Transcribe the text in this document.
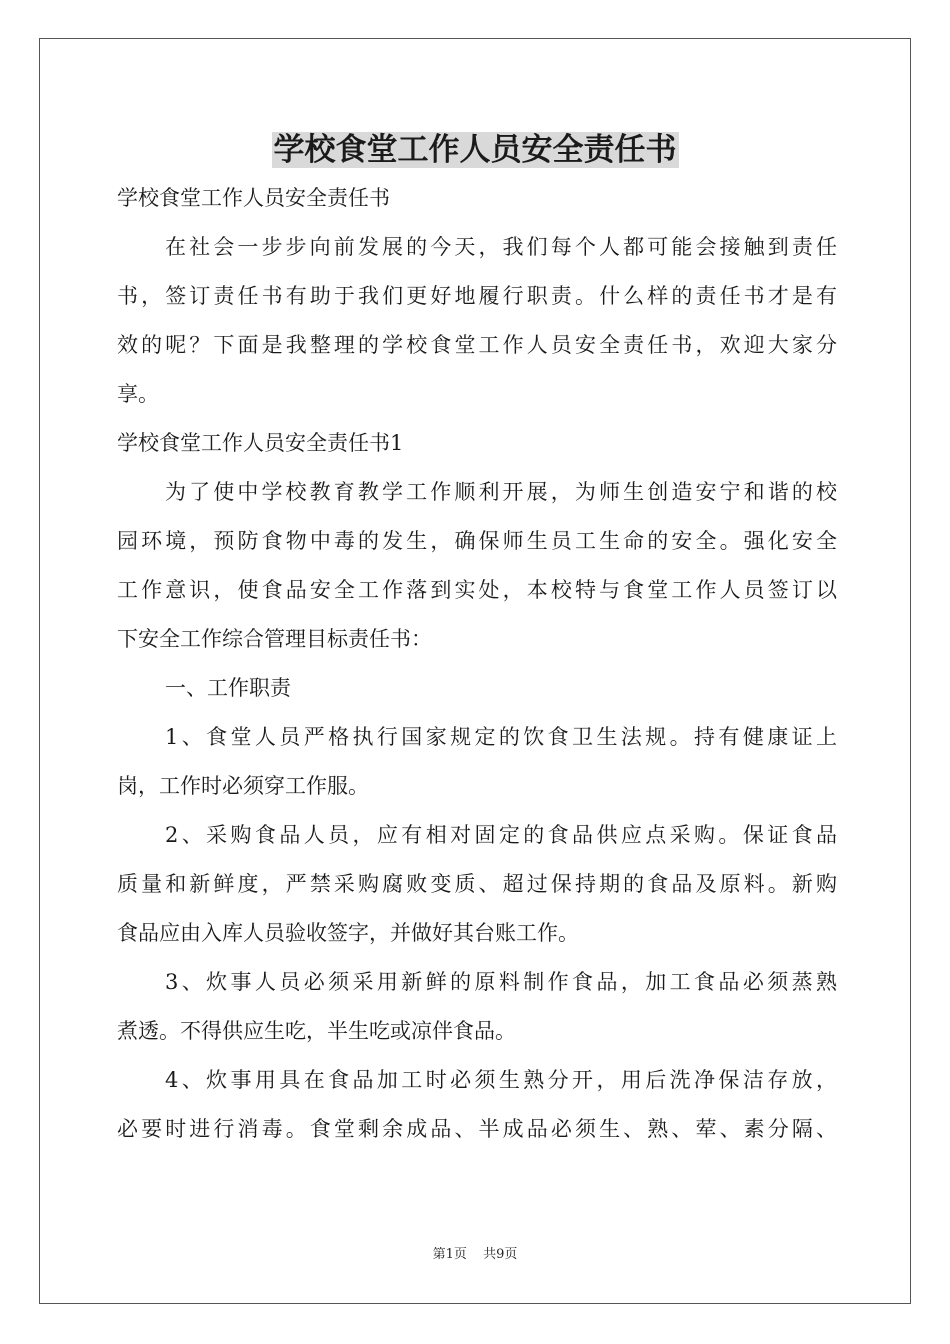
学校食堂工作人员安全责任书
学校食堂工作人员安全责任书
在社会一步步向前发展的今天，我们每个人都可能会接触到责任
书，签订责任书有助于我们更好地履行职责。什么样的责任书才是有
效的呢？下面是我整理的学校食堂工作人员安全责任书，欢迎大家分
享。
学校食堂工作人员安全责任书1
为了使中学校教育教学工作顺利开展，为师生创造安宁和谐的校
园环境，预防食物中毒的发生，确保师生员工生命的安全。强化安全
工作意识，使食品安全工作落到实处，本校特与食堂工作人员签订以
下安全工作综合管理目标责任书：
一、工作职责
1、食堂人员严格执行国家规定的饮食卫生法规。持有健康证上
岗，工作时必须穿工作服。
2、采购食品人员，应有相对固定的食品供应点采购。保证食品
质量和新鲜度，严禁采购腐败变质、超过保持期的食品及原料。新购
食品应由入库人员验收签字，并做好其台账工作。
3、炊事人员必须采用新鲜的原料制作食品，加工食品必须蒸熟
煮透。不得供应生吃，半生吃或凉伴食品。
4、炊事用具在食品加工时必须生熟分开，用后洗净保洁存放，
必要时进行消毒。食堂剩余成品、半成品必须生、熟、荤、素分隔、
第1页 共9页
